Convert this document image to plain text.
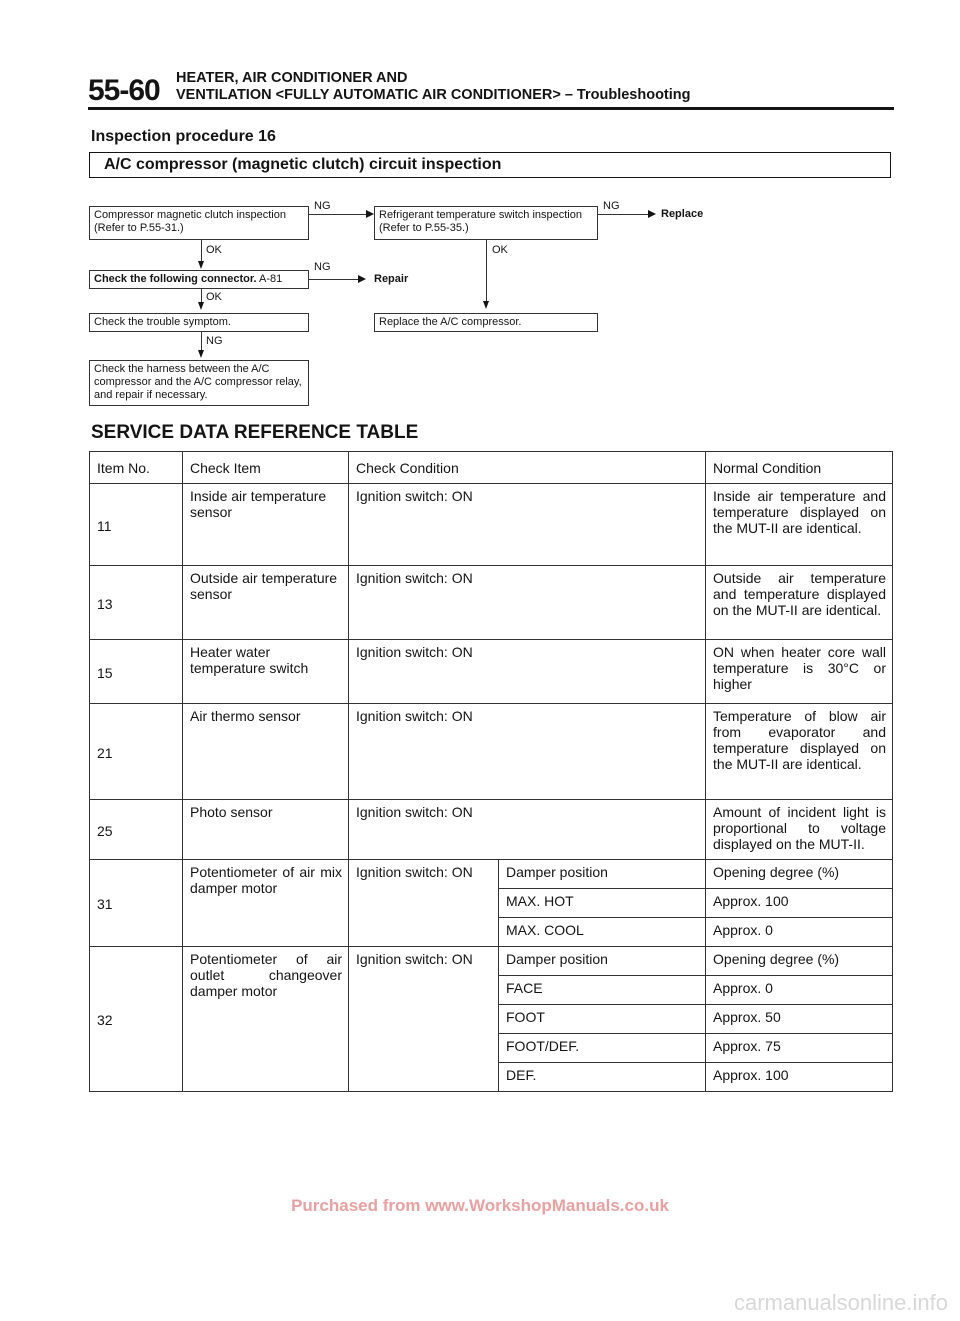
55-60 HEATER, AIR CONDITIONER AND
VENTILATION <FULLY AUTOMATIC AIR CONDITIONER> – Troubleshooting
Inspection procedure 16
A/C compressor (magnetic clutch) circuit inspection
Compressor magnetic clutch inspection (Refer to P.55-31.)
NG
Refrigerant temperature switch inspection (Refer to P.55-35.)
NG
Replace
OK	OK
Check the following connector. A-81
NG
Repair
OK
Check the trouble symptom.	Replace the A/C compressor.
NG
Check the harness between the A/C compressor and the A/C compressor relay, and repair if necessary.
SERVICE DATA REFERENCE TABLE
Item No.	Check Item	Check Condition		Normal Condition
11	Inside air temperature sensor	Ignition switch: ON		Inside air temperature and temperature displayed on the MUT-II are identical.
13	Outside air temperature sensor	Ignition switch: ON		Outside air temperature and temperature displayed on the MUT-II are identical.
15	Heater water temperature switch	Ignition switch: ON		ON when heater core wall temperature is 30°C or higher
21	Air thermo sensor	Ignition switch: ON		Temperature of blow air from evaporator and temperature displayed on the MUT-II are identical.
25	Photo sensor	Ignition switch: ON		Amount of incident light is proportional to voltage displayed on the MUT-II.
31	Potentiometer of air mix damper motor	Ignition switch: ON	Damper position	Opening degree (%)
			MAX. HOT	Approx. 100
			MAX. COOL	Approx. 0
32	Potentiometer of air outlet changeover damper motor	Ignition switch: ON	Damper position	Opening degree (%)
			FACE	Approx. 0
			FOOT	Approx. 50
			FOOT/DEF.	Approx. 75
			DEF.	Approx. 100
Purchased from www.WorkshopManuals.co.uk
carmanualsonline.info
